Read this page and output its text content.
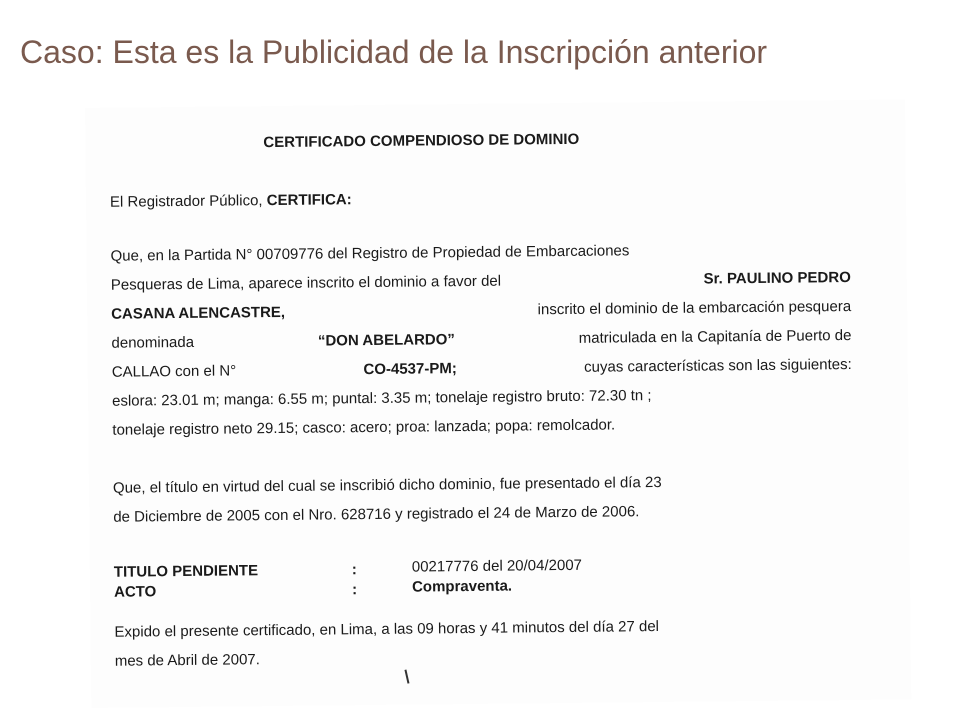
Caso: Esta es la Publicidad de la Inscripción anterior
CERTIFICADO COMPENDIOSO DE DOMINIO
El Registrador Público, CERTIFICA:
Que, en la Partida N° 00709776 del Registro de Propiedad de Embarcaciones
Pesqueras de Lima, aparece inscrito el dominio a favor del	Sr. PAULINO PEDRO
CASANA ALENCASTRE,	inscrito el dominio de la embarcación pesquera
denominada	“DON ABELARDO”	matriculada en la Capitanía de Puerto de
CALLAO con el N°	CO-4537-PM;	cuyas características son las siguientes:
eslora: 23.01 m; manga: 6.55 m; puntal: 3.35 m; tonelaje registro bruto: 72.30 tn ;
tonelaje registro neto 29.15; casco: acero; proa: lanzada; popa: remolcador.
Que, el título en virtud del cual se inscribió dicho dominio, fue presentado el día 23
de Diciembre de 2005 con el Nro. 628716 y registrado el 24 de Marzo de 2006.
TITULO PENDIENTE	:	00217776 del 20/04/2007
ACTO	:	Compraventa.
Expido el presente certificado, en Lima, a las 09 horas y 41 minutos del día 27 del
mes de Abril de 2007.
